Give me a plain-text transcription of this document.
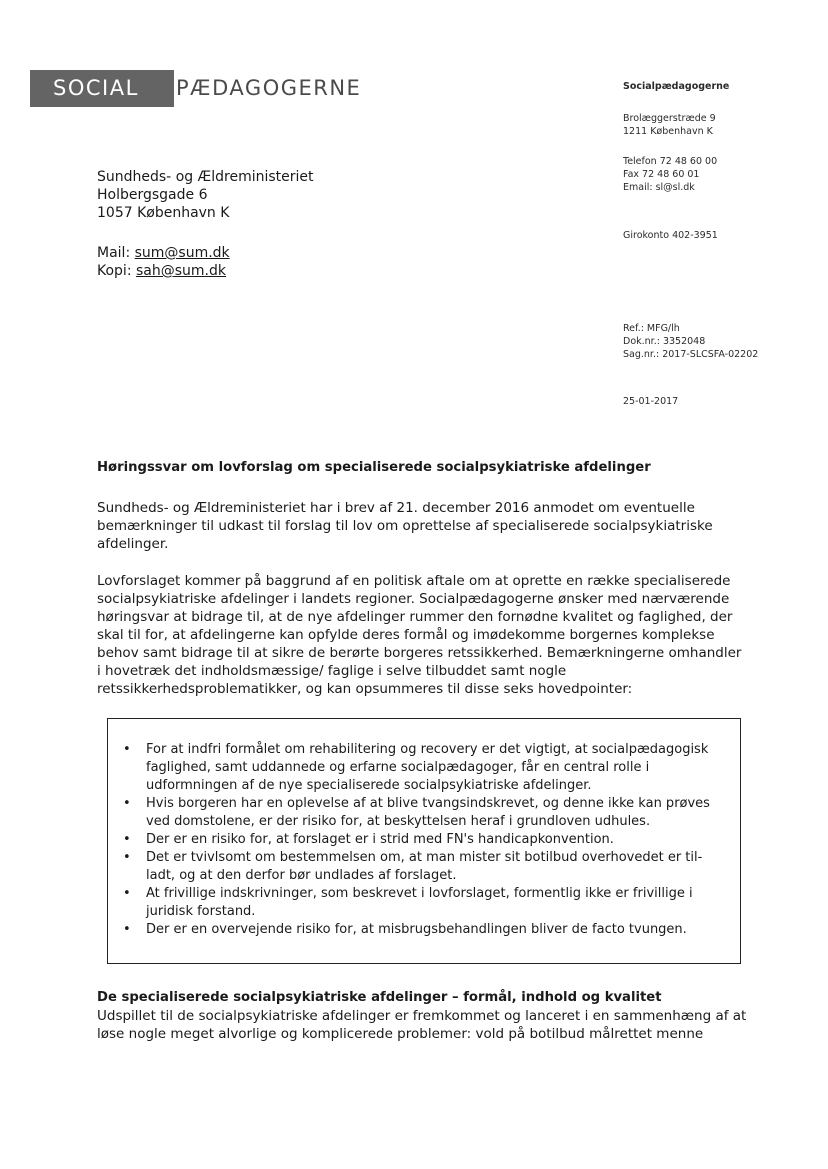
SOCIAL	PÆDAGOGERNE	Socialpædagogerne
Brolæggerstræde 9
1211 København K
Telefon 72 48 60 00
Fax 72 48 60 01
Email: sl@sl.dk
Girokonto 402-3951
Ref.: MFG/lh
Dok.nr.: 3352048
Sag.nr.: 2017-SLCSFA-02202
25-01-2017
Sundheds- og Ældreministeriet
Holbergsgade 6
1057 København K
Mail: sum@sum.dk
Kopi: sah@sum.dk
Høringssvar om lovforslag om specialiserede socialpsykiatriske afdelinger
Sundheds- og Ældreministeriet har i brev af 21. december 2016 anmodet om eventuelle bemærkninger til udkast til forslag til lov om oprettelse af specialiserede socialpsykiatriske afdelinger.
Lovforslaget kommer på baggrund af en politisk aftale om at oprette en række specialiserede socialpsykiatriske afdelinger i landets regioner. Socialpædagogerne ønsker med nærværende høringsvar at bidrage til, at de nye afdelinger rummer den fornødne kvalitet og faglighed, der skal til for, at afdelingerne kan opfylde deres formål og imødekomme borgernes komplekse behov samt bidrage til at sikre de berørte borgeres retssikkerhed. Bemærkningerne omhandler i hovetræk det indholdsmæssige/ faglige i selve tilbuddet samt nogle retssikkerhedsproblematikker, og kan opsummeres til disse seks hovedpointer:
• For at indfri formålet om rehabilitering og recovery er det vigtigt, at socialpædagogisk faglighed, samt uddannede og erfarne socialpædagoger, får en central rolle i udformningen af de nye specialiserede socialpsykiatriske afdelinger.
• Hvis borgeren har en oplevelse af at blive tvangsindskrevet, og denne ikke kan prøves ved domstolene, er der risiko for, at beskyttelsen heraf i grundloven udhules.
• Der er en risiko for, at forslaget er i strid med FN's handicapkonvention.
• Det er tvivlsomt om bestemmelsen om, at man mister sit botilbud overhovedet er til-ladt, og at den derfor bør undlades af forslaget.
• At frivillige indskrivninger, som beskrevet i lovforslaget, formentlig ikke er frivillige i juridisk forstand.
• Der er en overvejende risiko for, at misbrugsbehandlingen bliver de facto tvungen.
De specialiserede socialpsykiatriske afdelinger – formål, indhold og kvalitet
Udspillet til de socialpsykiatriske afdelinger er fremkommet og lanceret i en sammenhæng af at løse nogle meget alvorlige og komplicerede problemer: vold på botilbud målrettet menne
